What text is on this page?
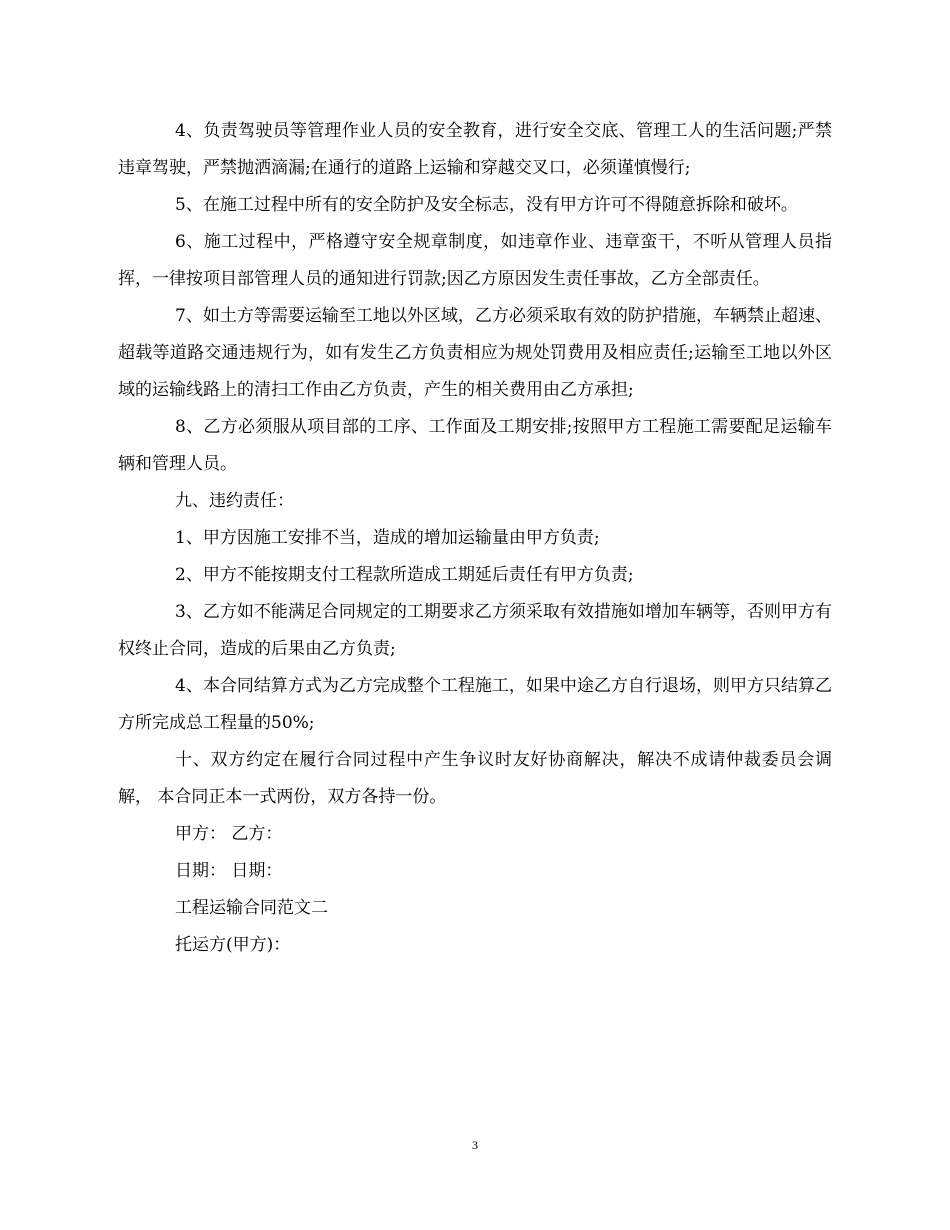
4、负责驾驶员等管理作业人员的安全教育，进行安全交底、管理工人的生活问题;严禁违章驾驶，严禁抛洒滴漏;在通行的道路上运输和穿越交叉口，必须谨慎慢行;

5、在施工过程中所有的安全防护及安全标志，没有甲方许可不得随意拆除和破坏。

6、施工过程中，严格遵守安全规章制度，如违章作业、违章蛮干，不听从管理人员指挥，一律按项目部管理人员的通知进行罚款;因乙方原因发生责任事故，乙方全部责任。

7、如土方等需要运输至工地以外区域，乙方必须采取有效的防护措施，车辆禁止超速、超载等道路交通违规行为，如有发生乙方负责相应为规处罚费用及相应责任;运输至工地以外区域的运输线路上的清扫工作由乙方负责，产生的相关费用由乙方承担;

8、乙方必须服从项目部的工序、工作面及工期安排;按照甲方工程施工需要配足运输车辆和管理人员。

九、违约责任：

1、甲方因施工安排不当，造成的增加运输量由甲方负责;

2、甲方不能按期支付工程款所造成工期延后责任有甲方负责;

3、乙方如不能满足合同规定的工期要求乙方须采取有效措施如增加车辆等，否则甲方有权终止合同，造成的后果由乙方负责;

4、本合同结算方式为乙方完成整个工程施工，如果中途乙方自行退场，则甲方只结算乙方所完成总工程量的50%;

十、双方约定在履行合同过程中产生争议时友好协商解决，解决不成请仲裁委员会调解， 本合同正本一式两份，双方各持一份。

甲方： 乙方：

日期： 日期：

工程运输合同范文二

托运方(甲方)：

3
